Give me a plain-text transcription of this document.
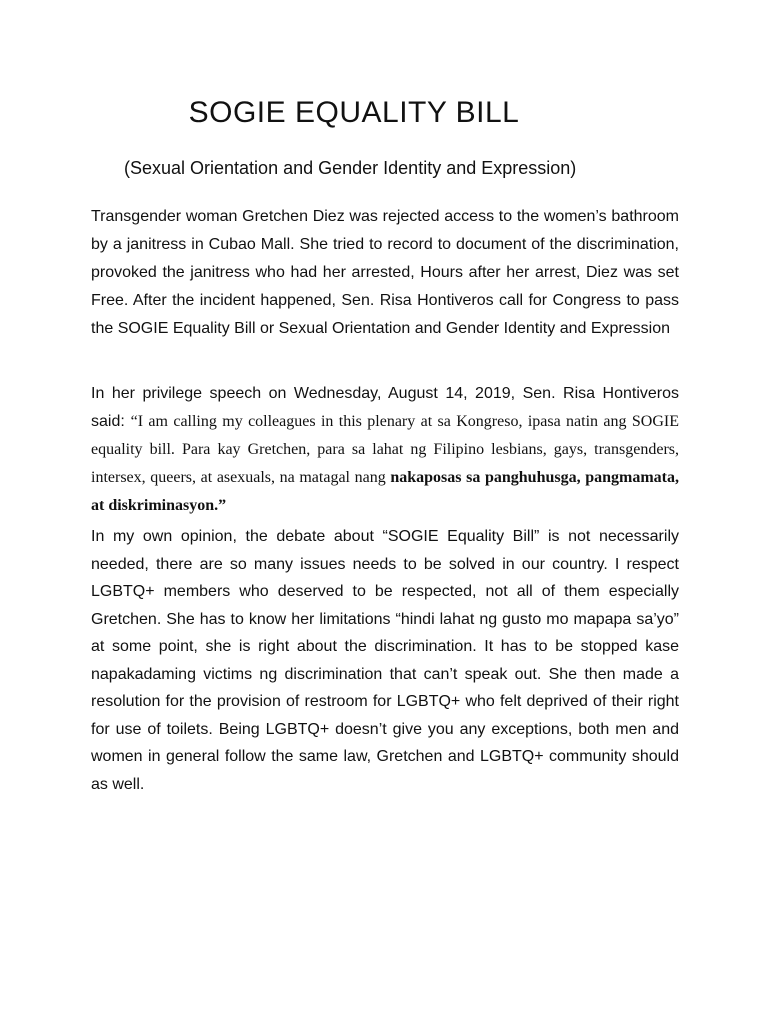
SOGIE EQUALITY BILL

(Sexual Orientation and Gender Identity and Expression)

Transgender woman Gretchen Diez was rejected access to the women’s bathroom by a janitress in Cubao Mall. She tried to record to document of the discrimination, provoked the janitress who had her arrested, Hours after her arrest, Diez was set Free. After the incident happened, Sen. Risa Hontiveros call for Congress to pass the SOGIE Equality Bill or Sexual Orientation and Gender Identity and Expression

In her privilege speech on Wednesday, August 14, 2019, Sen. Risa Hontiveros said: “I am calling my colleagues in this plenary at sa Kongreso, ipasa natin ang SOGIE equality bill. Para kay Gretchen, para sa lahat ng Filipino lesbians, gays, transgenders, intersex, queers, at asexuals, na matagal nang nakaposas sa panghuhusga, pangmamata, at diskriminasyon.”

In my own opinion, the debate about “SOGIE Equality Bill” is not necessarily needed, there are so many issues needs to be solved in our country. I respect LGBTQ+ members who deserved to be respected, not all of them especially Gretchen. She has to know her limitations “hindi lahat ng gusto mo mapapa sa’yo” at some point, she is right about the discrimination. It has to be stopped kase napakadaming victims ng discrimination that can’t speak out. She then made a resolution for the provision of restroom for LGBTQ+ who felt deprived of their right for use of toilets. Being LGBTQ+ doesn’t give you any exceptions, both men and women in general follow the same law, Gretchen and LGBTQ+ community should as well.
